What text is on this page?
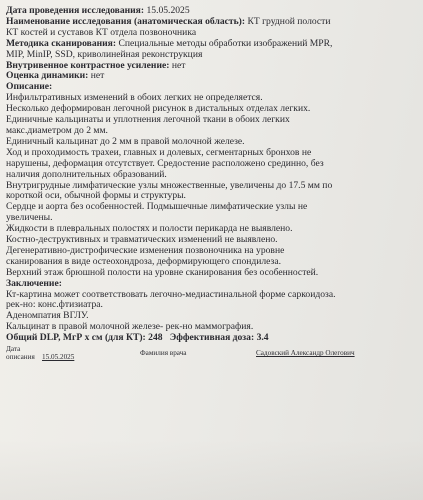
Дата проведения исследования: 15.05.2025
Наименование исследования (анатомическая область): КТ грудной полости
КТ костей и суставов КТ отдела позвоночника
Методика сканирования: Специальные методы обработки изображений MPR,
MIP, MinIP, SSD, криволинейная реконструкция
Внутривенное контрастное усиление: нет
Оценка динамики: нет
Описание:
Инфильтративных изменений в обоих легких не определяется.
Несколько деформирован легочной рисунок в дистальных отделах легких.
Единичные кальцинаты и уплотнения легочной ткани в обоих легких
макс.диаметром до 2 мм.
Единичный кальцинат до 2 мм в правой молочной железе.
Ход и проходимость трахеи, главных и долевых, сегментарных бронхов не
нарушены, деформация отсутствует. Средостение расположено срединно, без
наличия дополнительных образований.
Внутригрудные лимфатические узлы множественные, увеличены до 17.5 мм по
короткой оси, обычной формы и структуры.
Сердце и аорта без особенностей. Подмышечные лимфатические узлы не
увеличены.
Жидкости в плевральных полостях и полости перикарда не выявлено.
Костно-деструктивных и травматических изменений не выявлено.
Дегенеративно-дистрофические изменения позвоночника на уровне
сканирования в виде остеохондроза, деформирующего спондилеза.
Верхний этаж брюшной полости на уровне сканирования без особенностей.
Заключение:
Кт-картина может соответствовать легочно-медиастинальной форме саркоидоза.
рек-но: конс.фтизиатра.
Аденомпатия ВГЛУ.
Кальцинат в правой молочной железе- рек-но маммография.
Общий DLP, МгР х см (для КТ): 248 Эффективная доза: 3.4
Дата
описания 15.05.2025	Фамилия врача	Садовский Александр Олегович
